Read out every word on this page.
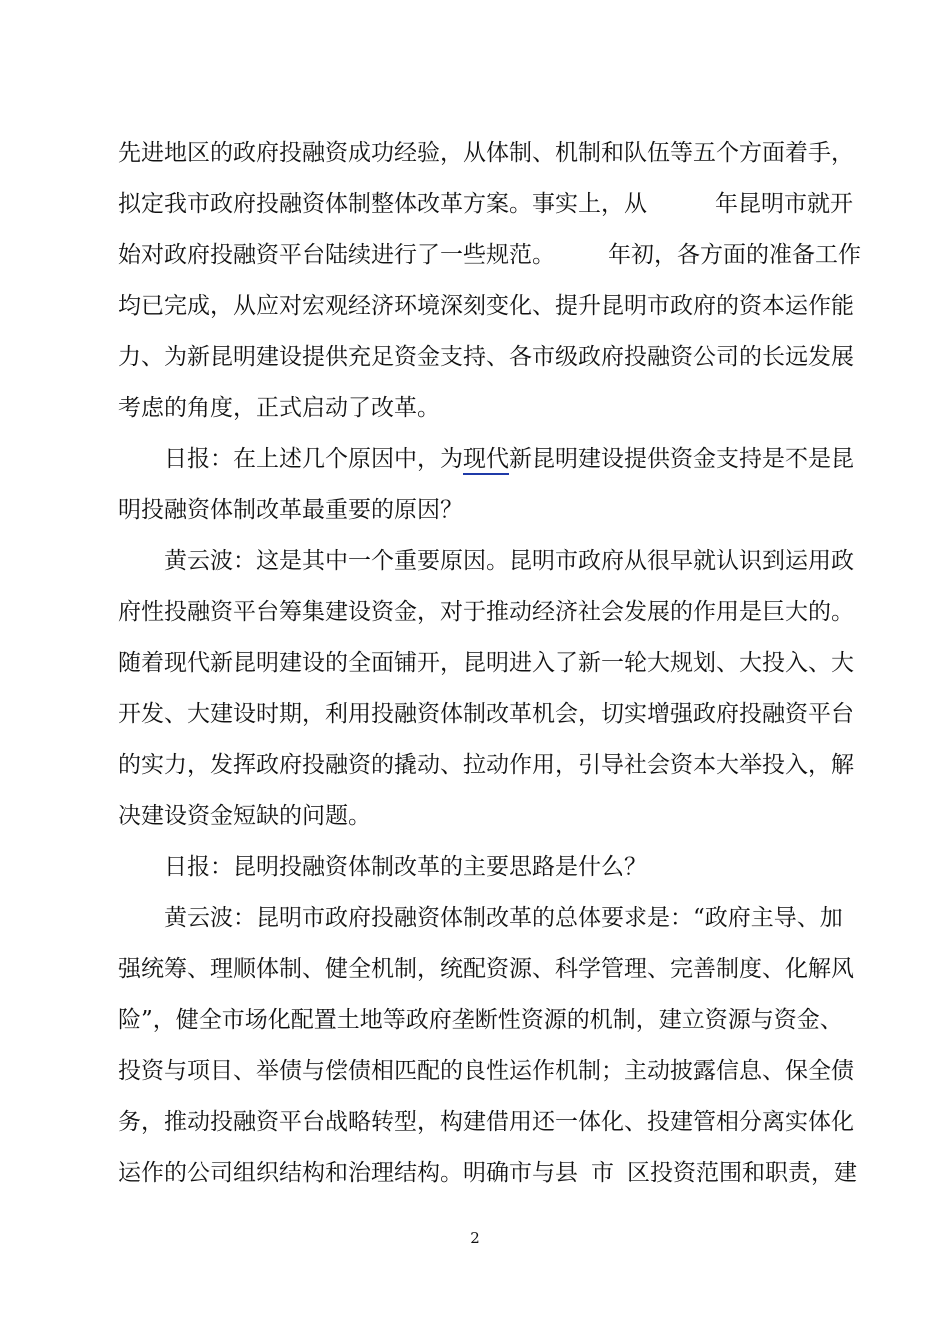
先进地区的政府投融资成功经验，从体制、机制和队伍等五个方面着手，
拟定我市政府投融资体制整体改革方案。事实上，从	年昆明市就开
始对政府投融资平台陆续进行了一些规范。 年初，各方面的准备工作
均已完成，从应对宏观经济环境深刻变化、提升昆明市政府的资本运作能
力、为新昆明建设提供充足资金支持、各市级政府投融资公司的长远发展
考虑的角度，正式启动了改革。
日报：在上述几个原因中，为现代新昆明建设提供资金支持是不是昆
明投融资体制改革最重要的原因？
黄云波：这是其中一个重要原因。昆明市政府从很早就认识到运用政
府性投融资平台筹集建设资金，对于推动经济社会发展的作用是巨大的。
随着现代新昆明建设的全面铺开，昆明进入了新一轮大规划、大投入、大
开发、大建设时期，利用投融资体制改革机会，切实增强政府投融资平台
的实力，发挥政府投融资的撬动、拉动作用，引导社会资本大举投入，解
决建设资金短缺的问题。
日报：昆明投融资体制改革的主要思路是什么？
黄云波：昆明市政府投融资体制改革的总体要求是：“政府主导、加
强统筹、理顺体制、健全机制，统配资源、科学管理、完善制度、化解风
险”，健全市场化配置土地等政府垄断性资源的机制，建立资源与资金、
投资与项目、举债与偿债相匹配的良性运作机制；主动披露信息、保全债
务，推动投融资平台战略转型，构建借用还一体化、投建管相分离实体化
运作的公司组织结构和治理结构。明确市与县 市 区投资范围和职责，建
2
